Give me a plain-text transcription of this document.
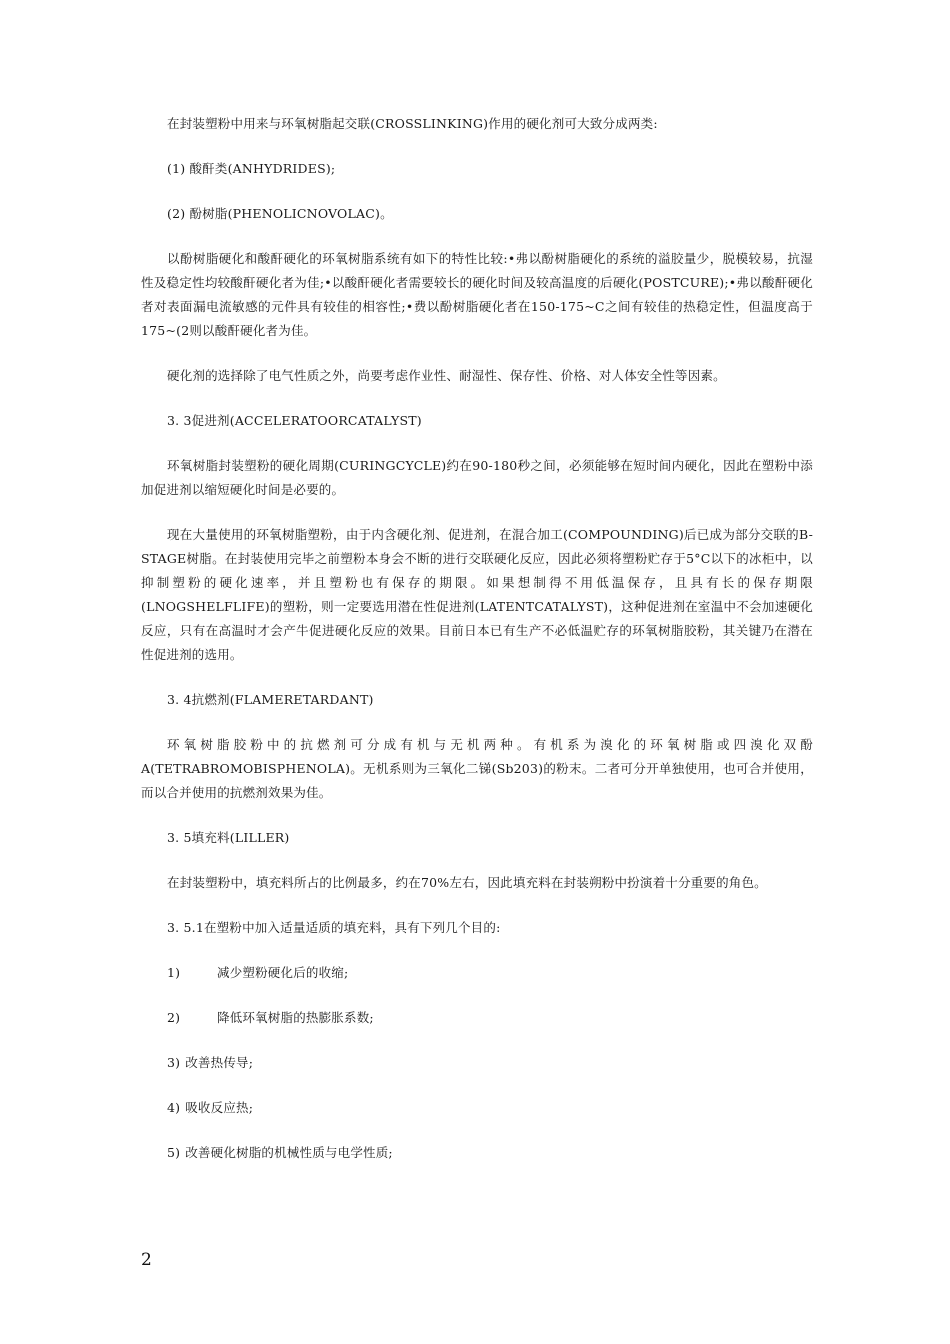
在封装塑粉中用来与环氧树脂起交联(CROSSLINKING)作用的硬化剂可大致分成两类:

(1) 酸酐类(ANHYDRIDES);

(2) 酚树脂(PHENOLICNOVOLAC)。

以酚树脂硬化和酸酐硬化的环氧树脂系统有如下的特性比较:•弗以酚树脂硬化的系统的溢胶量少，脱模较易，抗湿性及稳定性均较酸酐硬化者为佳;•以酸酐硬化者需要较长的硬化时间及较高温度的后硬化(POSTCURE);•弗以酸酐硬化者对表面漏电流敏感的元件具有较佳的相容性;•费以酚树脂硬化者在150-175~C之间有较佳的热稳定性，但温度高于175~(2则以酸酐硬化者为佳。

硬化剂的选择除了电气性质之外，尚要考虑作业性、耐湿性、保存性、价格、对人体安全性等因素。

3. 3促进剂(ACCELERATOORCATALYST)

环氧树脂封装塑粉的硬化周期(CURINGCYCLE)约在90-180秒之间，必须能够在短时间内硬化，因此在塑粉中添加促进剂以缩短硬化时间是必要的。

现在大量使用的环氧树脂塑粉，由于内含硬化剂、促进剂，在混合加工(COMPOUNDING)后已成为部分交联的B-STAGE树脂。在封装使用完毕之前塑粉本身会不断的进行交联硬化反应，因此必须将塑粉贮存于5°C以下的冰柜中，以抑制塑粉的硬化速率，并且塑粉也有保存的期限。如果想制得不用低温保存，且具有长的保存期限(LNOGSHELFLIFE)的塑粉，则一定要选用潜在性促进剂(LATENTCATALYST)，这种促进剂在室温中不会加速硬化反应，只有在高温时才会产牛促进硬化反应的效果。目前日本已有生产不必低温贮存的环氧树脂胶粉，其关键乃在潜在性促进剂的选用。

3. 4抗燃剂(FLAMERETARDANT)

环氧树脂胶粉中的抗燃剂可分成有机与无机两种。有机系为溴化的环氧树脂或四溴化双酚A(TETRABROMOBISPHENOLA)。无机系则为三氧化二锑(Sb203)的粉末。二者可分开单独使用，也可合并使用，而以合并使用的抗燃剂效果为佳。

3. 5填充料(LILLER)

在封装塑粉中，填充料所占的比例最多，约在70%左右，因此填充料在封装朔粉中扮演着十分重要的角色。

3. 5.1在塑粉中加入适量适质的填充料，具有下列几个目的:

1)	减少塑粉硬化后的收缩;

2)	降低环氧树脂的热膨胀系数;

3) 改善热传导;

4) 吸收反应热;

5) 改善硬化树脂的机械性质与电学性质;

2
